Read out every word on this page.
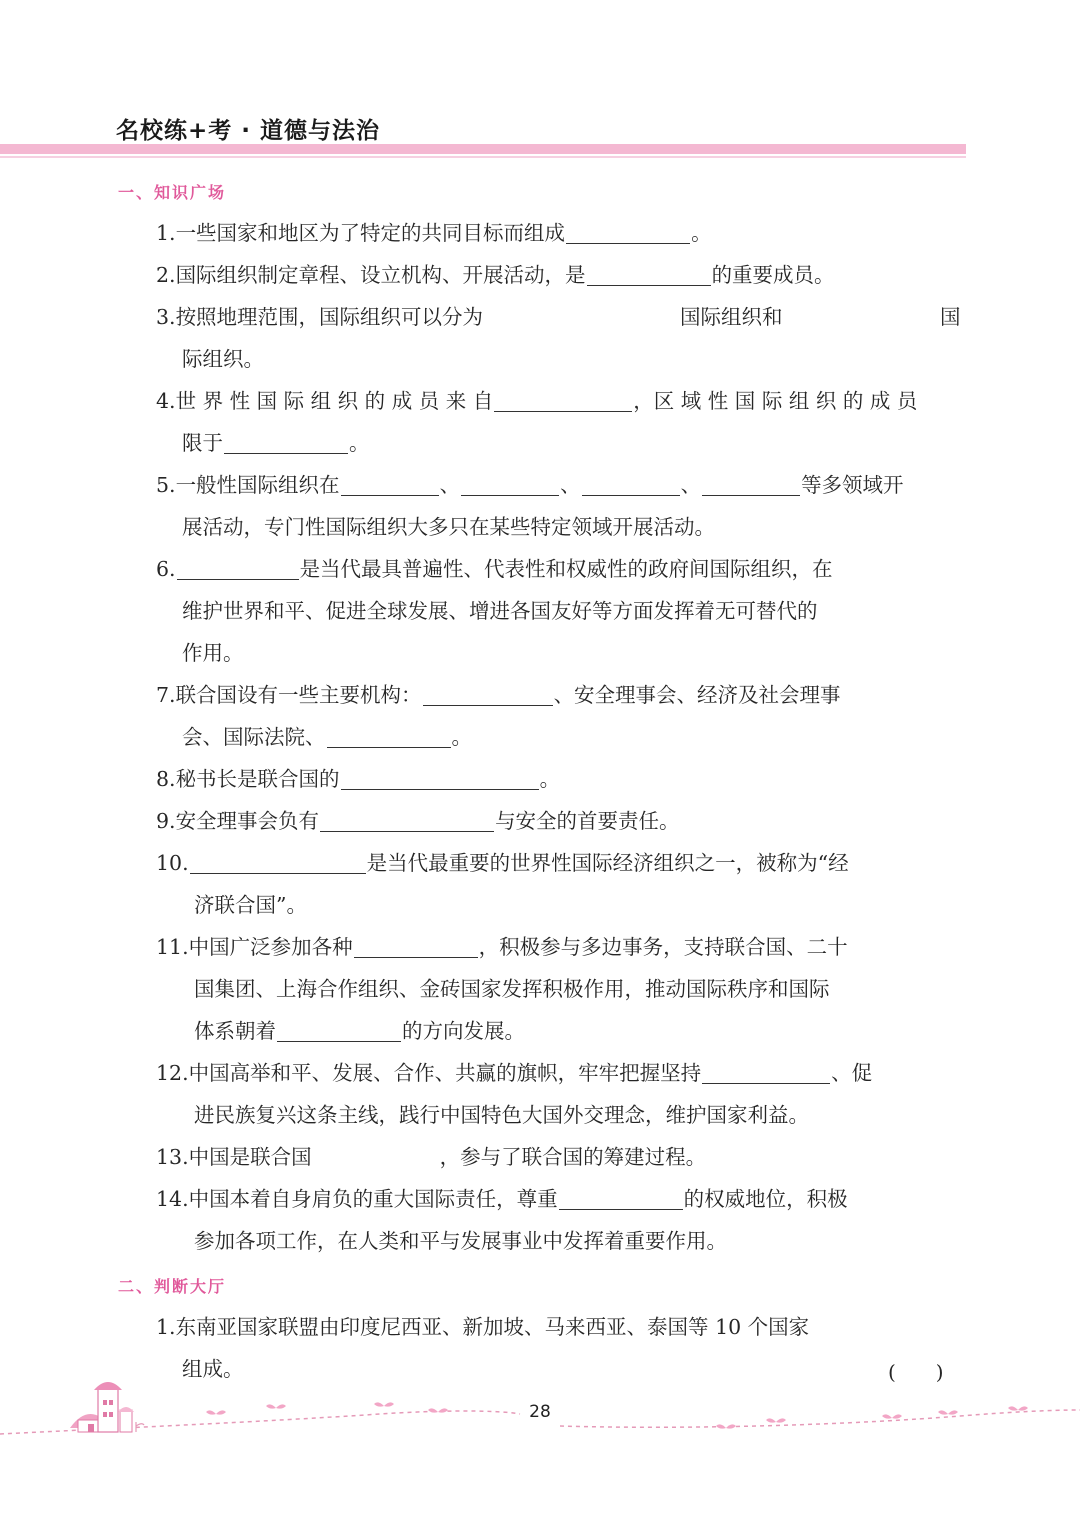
名校练+考 · 道德与法治
一、知识广场
1.一些国家和地区为了特定的共同目标而组成	。
2.国际组织制定章程、设立机构、开展活动，是	的重要成员。
3.按照地理范围，国际组织可以分为	国际组织和	国
际组织。
4.世 界 性 国 际 组 织 的 成 员 来 自	，区 域 性 国 际 组 织 的 成 员
限于	。
5.一般性国际组织在	、	、	、	等多领域开
展活动，专门性国际组织大多只在某些特定领域开展活动。
6.	是当代最具普遍性、代表性和权威性的政府间国际组织，在
维护世界和平、促进全球发展、增进各国友好等方面发挥着无可替代的
作用。
7.联合国设有一些主要机构：	、安全理事会、经济及社会理事
会、国际法院、	。
8.秘书长是联合国的	。
9.安全理事会负有	与安全的首要责任。
10.	是当代最重要的世界性国际经济组织之一，被称为“经
济联合国”。
11.中国广泛参加各种	，积极参与多边事务，支持联合国、二十
国集团、上海合作组织、金砖国家发挥积极作用，推动国际秩序和国际
体系朝着	的方向发展。
12.中国高举和平、发展、合作、共赢的旗帜，牢牢把握坚持	、促
进民族复兴这条主线，践行中国特色大国外交理念，维护国家利益。
13.中国是联合国	，参与了联合国的筹建过程。
14.中国本着自身肩负的重大国际责任，尊重	的权威地位，积极
参加各项工作，在人类和平与发展事业中发挥着重要作用。
二、判断大厅
1.东南亚国家联盟由印度尼西亚、新加坡、马来西亚、泰国等 10 个国家
组成。	(　　)
28
